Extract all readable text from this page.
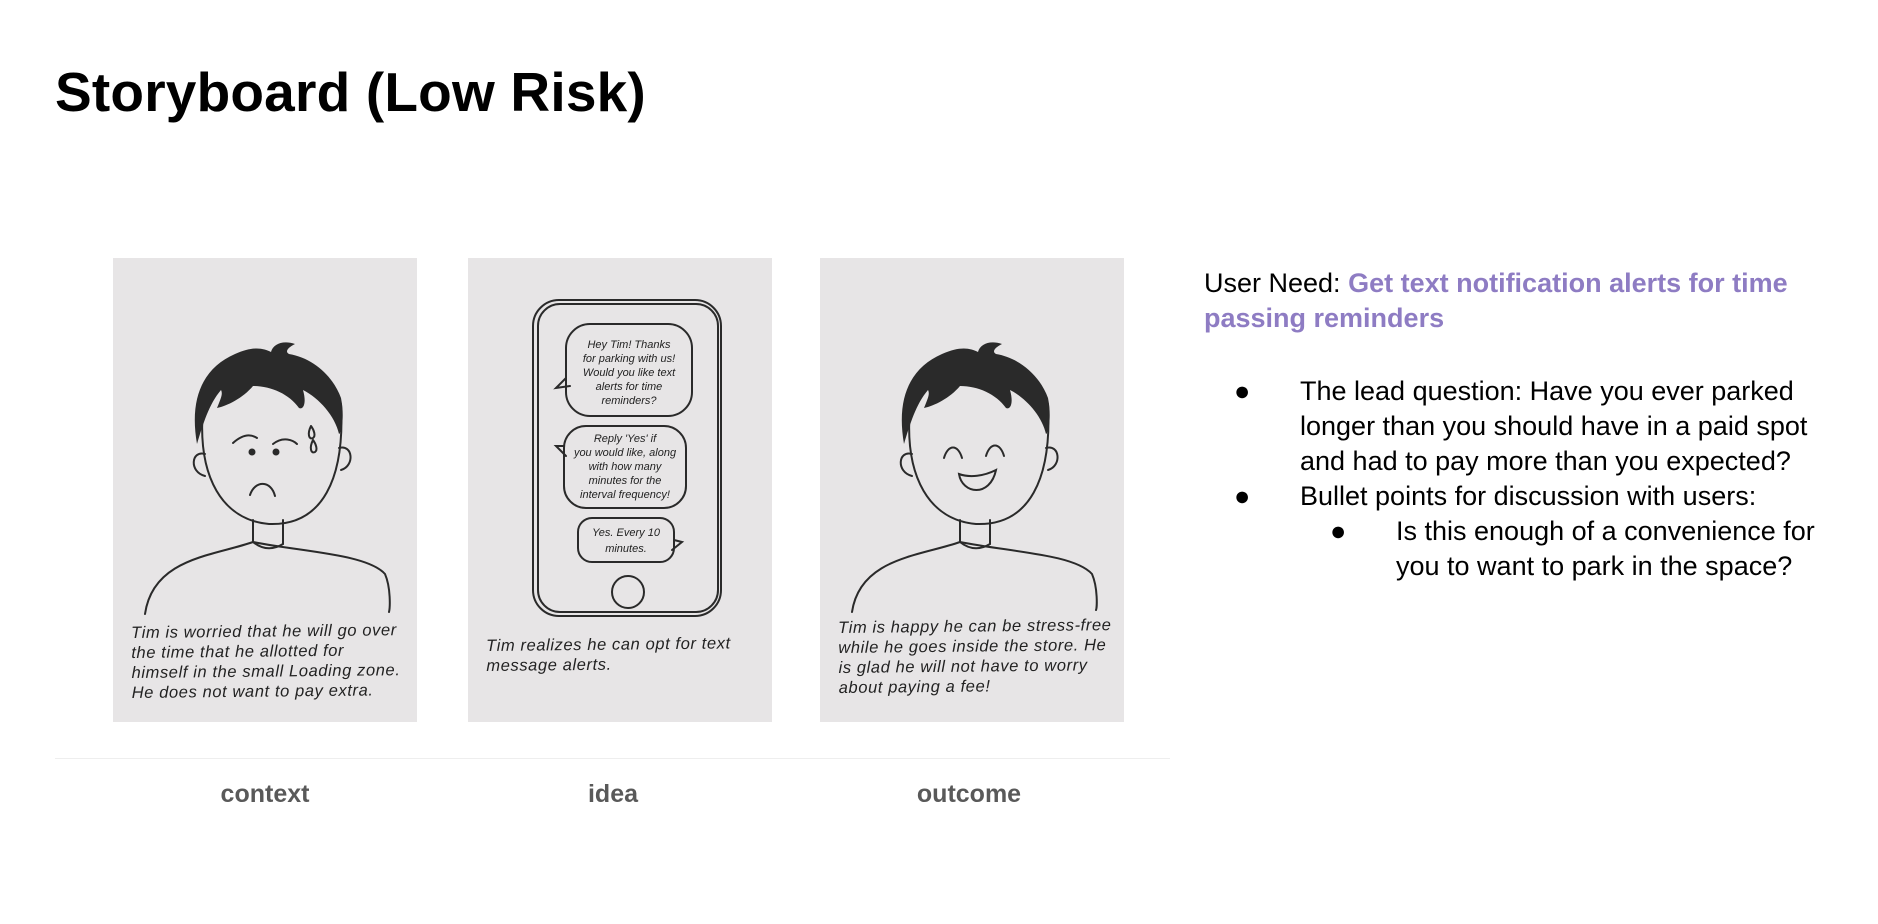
Storyboard (Low Risk)
Tim is worried that he will go over the time that he allotted for himself in the small Loading zone. He does not want to pay extra.
Hey Tim! Thanks
for parking with us!
Would you like text
alerts for time
reminders?
Reply 'Yes' if
you would like, along
with how many
minutes for the
interval frequency!
Yes. Every 10
minutes.
Tim realizes he can opt for text message alerts.
Tim is happy he can be stress-free while he goes inside the store. He is glad he will not have to worry about paying a fee!
context	idea	outcome
User Need: Get text notification alerts for time passing reminders
● The lead question: Have you ever parked longer than you should have in a paid spot and had to pay more than you expected?
● Bullet points for discussion with users:
● Is this enough of a convenience for you to want to park in the space?
